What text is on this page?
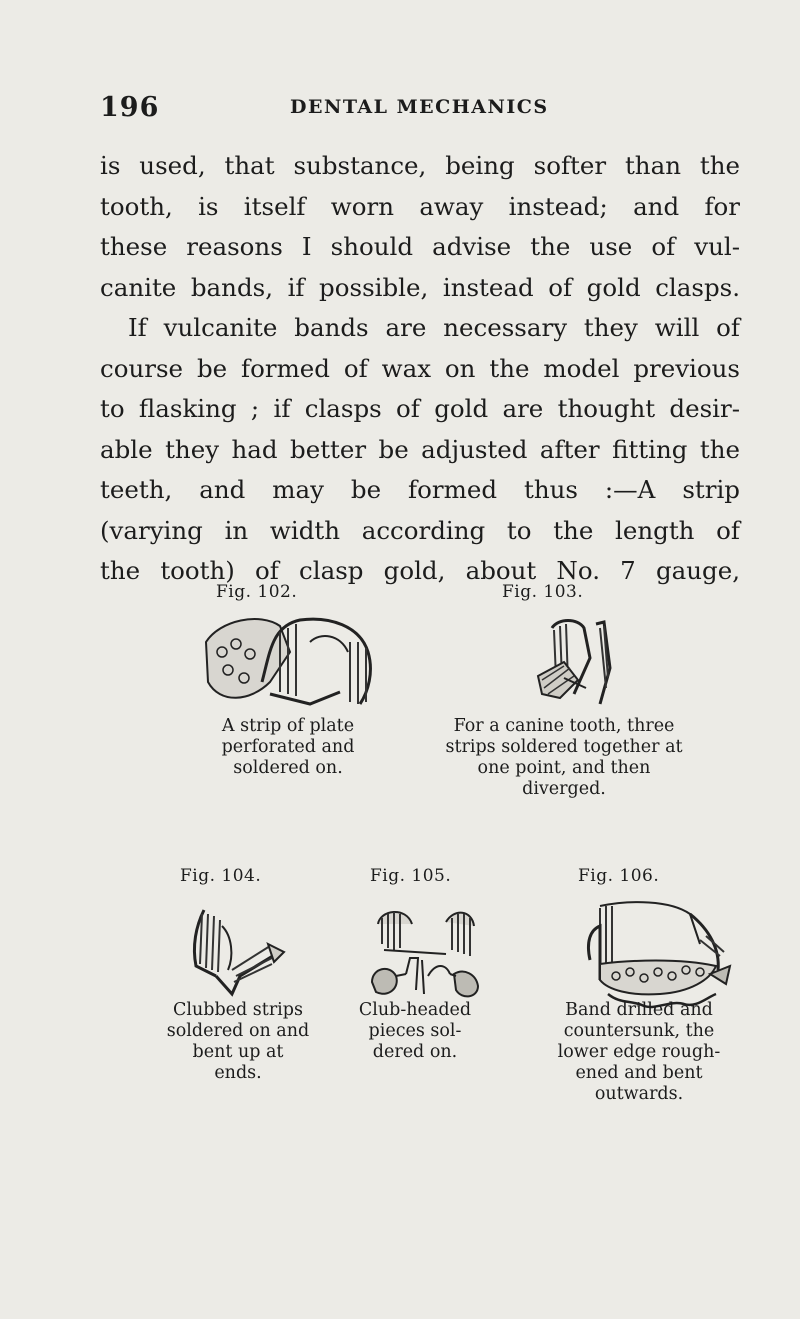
196	DENTAL MECHANICS
is used, that substance, being softer than the
tooth, is itself worn away instead; and for
these reasons I should advise the use of vul-
canite bands, if possible, instead of gold clasps.
If vulcanite bands are necessary they will of
course be formed of wax on the model previous
to flasking ; if clasps of gold are thought desir-
able they had better be adjusted after fitting the
teeth, and may be formed thus :—A strip
(varying in width according to the length of
the tooth) of clasp gold, about No. 7 gauge,
Fig. 102.
A strip of plate
perforated and
soldered on.
Fig. 103.
For a canine tooth, three
strips soldered together at
one point, and then
diverged.
Fig. 104.
Clubbed strips
soldered on and
bent up at
ends.
Fig. 105.
Club-headed
pieces sol-
dered on.
Fig. 106.
Band drilled and
countersunk, the
lower edge rough-
ened and bent
outwards.
